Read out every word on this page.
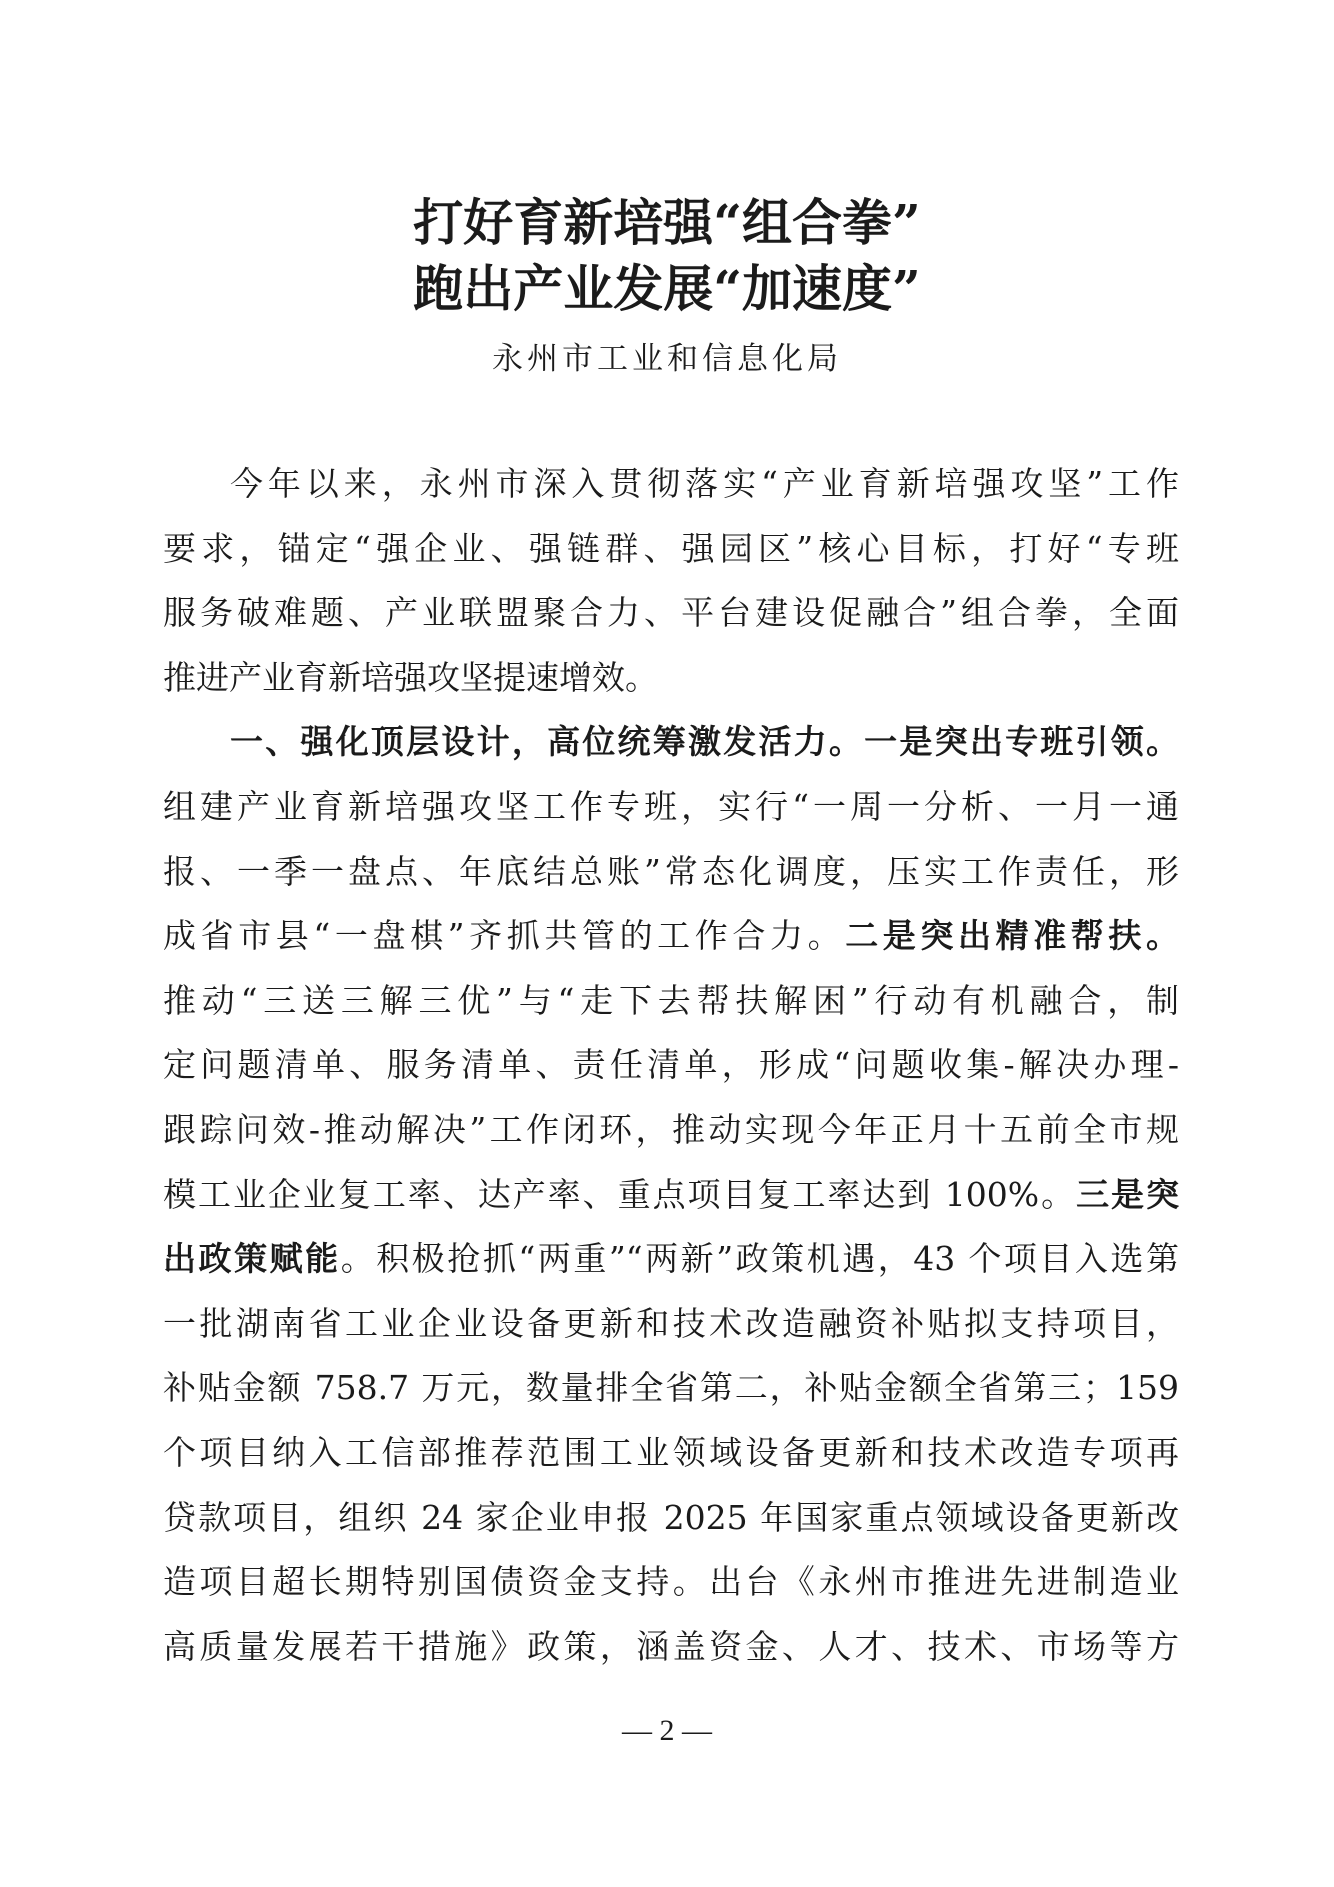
打好育新培强“组合拳”
跑出产业发展“加速度”
永州市工业和信息化局
今年以来，永州市深入贯彻落实“产业育新培强攻坚”工作
要求，锚定“强企业、强链群、强园区”核心目标，打好“专班
服务破难题、产业联盟聚合力、平台建设促融合”组合拳，全面
推进产业育新培强攻坚提速增效。
一、强化顶层设计，高位统筹激发活力。一是突出专班引领。
组建产业育新培强攻坚工作专班，实行“一周一分析、一月一通
报、一季一盘点、年底结总账”常态化调度，压实工作责任，形
成省市县“一盘棋”齐抓共管的工作合力。二是突出精准帮扶。
推动“三送三解三优”与“走下去帮扶解困”行动有机融合，制
定问题清单、服务清单、责任清单，形成“问题收集-解决办理-
跟踪问效-推动解决”工作闭环，推动实现今年正月十五前全市规
模工业企业复工率、达产率、重点项目复工率达到 100%。三是突
出政策赋能。积极抢抓“两重”“两新”政策机遇，43 个项目入选第
一批湖南省工业企业设备更新和技术改造融资补贴拟支持项目，
补贴金额 758.7 万元，数量排全省第二，补贴金额全省第三；159
个项目纳入工信部推荐范围工业领域设备更新和技术改造专项再
贷款项目，组织 24 家企业申报 2025 年国家重点领域设备更新改
造项目超长期特别国债资金支持。出台《永州市推进先进制造业
高质量发展若干措施》政策，涵盖资金、人才、技术、市场等方
— 2 —
